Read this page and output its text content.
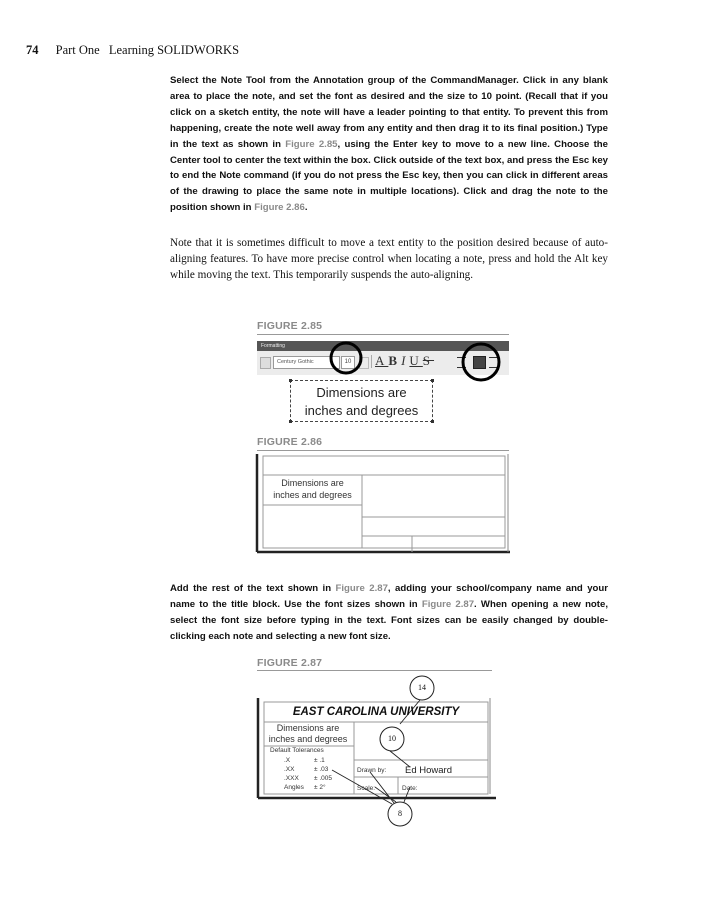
74 Part One Learning SOLIDWORKS
Select the Note Tool from the Annotation group of the CommandManager. Click in any blank area to place the note, and set the font as desired and the size to 10 point. (Recall that if you click on a sketch entity, the note will have a leader pointing to that entity. To prevent this from happening, create the note well away from any entity and then drag it to its final position.) Type in the text as shown in Figure 2.85, using the Enter key to move to a new line. Choose the Center tool to center the text within the box. Click outside of the text box, and press the Esc key to end the Note command (if you do not press the Esc key, then you can click in different areas of the drawing to place the same note in multiple locations). Click and drag the note to the position shown in Figure 2.86.
Note that it is sometimes difficult to move a text entity to the position desired because of auto-aligning features. To have more precise control when locating a note, press and hold the Alt key while moving the text. This temporarily suspends the auto-aligning.
FIGURE 2.85
Formatting
Century Gothic	10 ABIUS
Dimensions are
inches and degrees
FIGURE 2.86
Dimensions are
inches and degrees
Add the rest of the text shown in Figure 2.87, adding your school/company name and your name to the title block. Use the font sizes shown in Figure 2.87. When opening a new note, select the font size before typing in the text. Font sizes can be easily changed by double-clicking each note and selecting a new font size.
FIGURE 2.87
14
10
8
EAST CAROLINA UNIVERSITY
Dimensions are
inches and degrees
Default Tolerances
.X	± .1
.XX	± .03
.XXX ± .005
Angles ± 2°
Drawn by: Ed Howard
Scale:	Date:
